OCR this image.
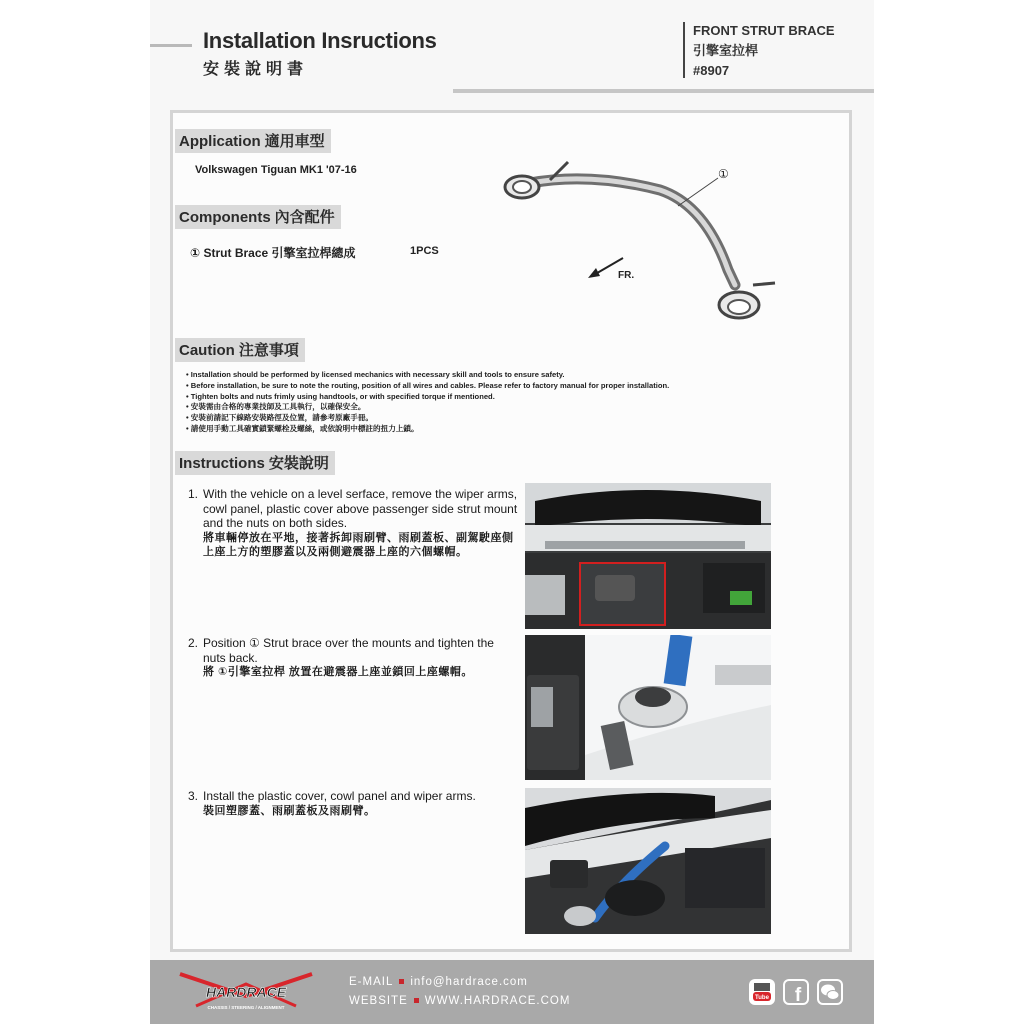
Installation Insructions
安裝說明書
FRONT STRUT BRACE
引擎室拉桿
#8907
Application 適用車型
Volkswagen Tiguan MK1 '07-16
Components 內含配件
① Strut Brace 引擎室拉桿總成	1PCS
①
FR.
Caution 注意事項
• Installation should be performed by licensed mechanics with necessary skill and tools to ensure safety.
• Before installation, be sure to note the routing, position of all wires and cables. Please refer to factory manual for proper installation.
• Tighten bolts and nuts frimly using handtools, or with specified torque if mentioned.
• 安裝需由合格的專業技師及工具執行，以確保安全。
• 安裝前請記下線路安裝路徑及位置，請參考原廠手冊。
• 請使用手動工具確實鎖緊螺栓及螺絲，或依說明中標註的扭力上鎖。
Instructions 安裝說明
1. With the vehicle on a level serface, remove the wiper arms, cowl panel, plastic cover above passenger side strut mount and the nuts on both sides.
將車輛停放在平地，接著拆卸雨刷臂、雨刷蓋板、副駕駛座側上座上方的塑膠蓋以及兩側避震器上座的六個螺帽。
2. Position ① Strut brace over the mounts and tighten the nuts back.
將 ①引擎室拉桿 放置在避震器上座並鎖回上座螺帽。
3. Install the plastic cover, cowl panel and wiper arms.
裝回塑膠蓋、雨刷蓋板及雨刷臂。
HARDRACE
CHASSIS / STEERING / ALIGNMENT
E-MAIL info@hardrace.com
WEBSITE WWW.HARDRACE.COM	Tube f
